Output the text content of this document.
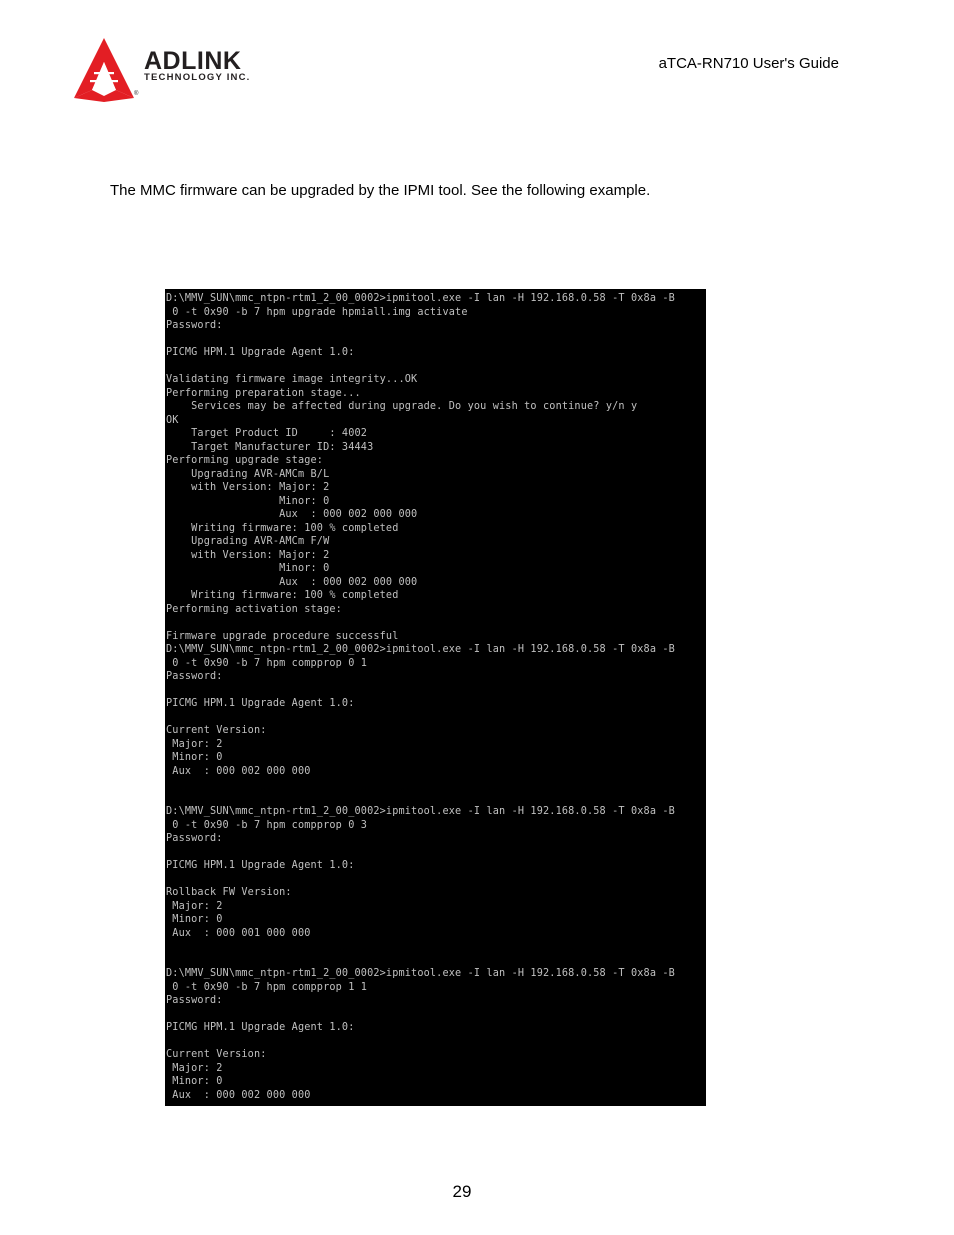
ADLINK
TECHNOLOGY INC.
®
aTCA-RN710 User's Guide
The MMC firmware can be upgraded by the IPMI tool. See the following example.
D:\MMV_SUN\mmc_ntpn-rtm1_2_00_0002>ipmitool.exe -I lan -H 192.168.0.58 -T 0x8a -B
0 -t 0x90 -b 7 hpm upgrade hpmiall.img activate
Password:
PICMG HPM.1 Upgrade Agent 1.0:
Validating firmware image integrity...OK
Performing preparation stage...
Services may be affected during upgrade. Do you wish to continue? y/n y
OK
Target Product ID     : 4002
Target Manufacturer ID: 34443
Performing upgrade stage:
Upgrading AVR-AMCm B/L
with Version: Major: 2
Minor: 0
Aux  : 000 002 000 000
Writing firmware: 100 % completed
Upgrading AVR-AMCm F/W
with Version: Major: 2
Minor: 0
Aux  : 000 002 000 000
Writing firmware: 100 % completed
Performing activation stage:
Firmware upgrade procedure successful
D:\MMV_SUN\mmc_ntpn-rtm1_2_00_0002>ipmitool.exe -I lan -H 192.168.0.58 -T 0x8a -B
0 -t 0x90 -b 7 hpm compprop 0 1
Password:
PICMG HPM.1 Upgrade Agent 1.0:
Current Version:
Major: 2
Minor: 0
Aux  : 000 002 000 000
D:\MMV_SUN\mmc_ntpn-rtm1_2_00_0002>ipmitool.exe -I lan -H 192.168.0.58 -T 0x8a -B
0 -t 0x90 -b 7 hpm compprop 0 3
Password:
PICMG HPM.1 Upgrade Agent 1.0:
Rollback FW Version:
Major: 2
Minor: 0
Aux  : 000 001 000 000
D:\MMV_SUN\mmc_ntpn-rtm1_2_00_0002>ipmitool.exe -I lan -H 192.168.0.58 -T 0x8a -B
0 -t 0x90 -b 7 hpm compprop 1 1
Password:
PICMG HPM.1 Upgrade Agent 1.0:
Current Version:
Major: 2
Minor: 0
Aux  : 000 002 000 000
29
